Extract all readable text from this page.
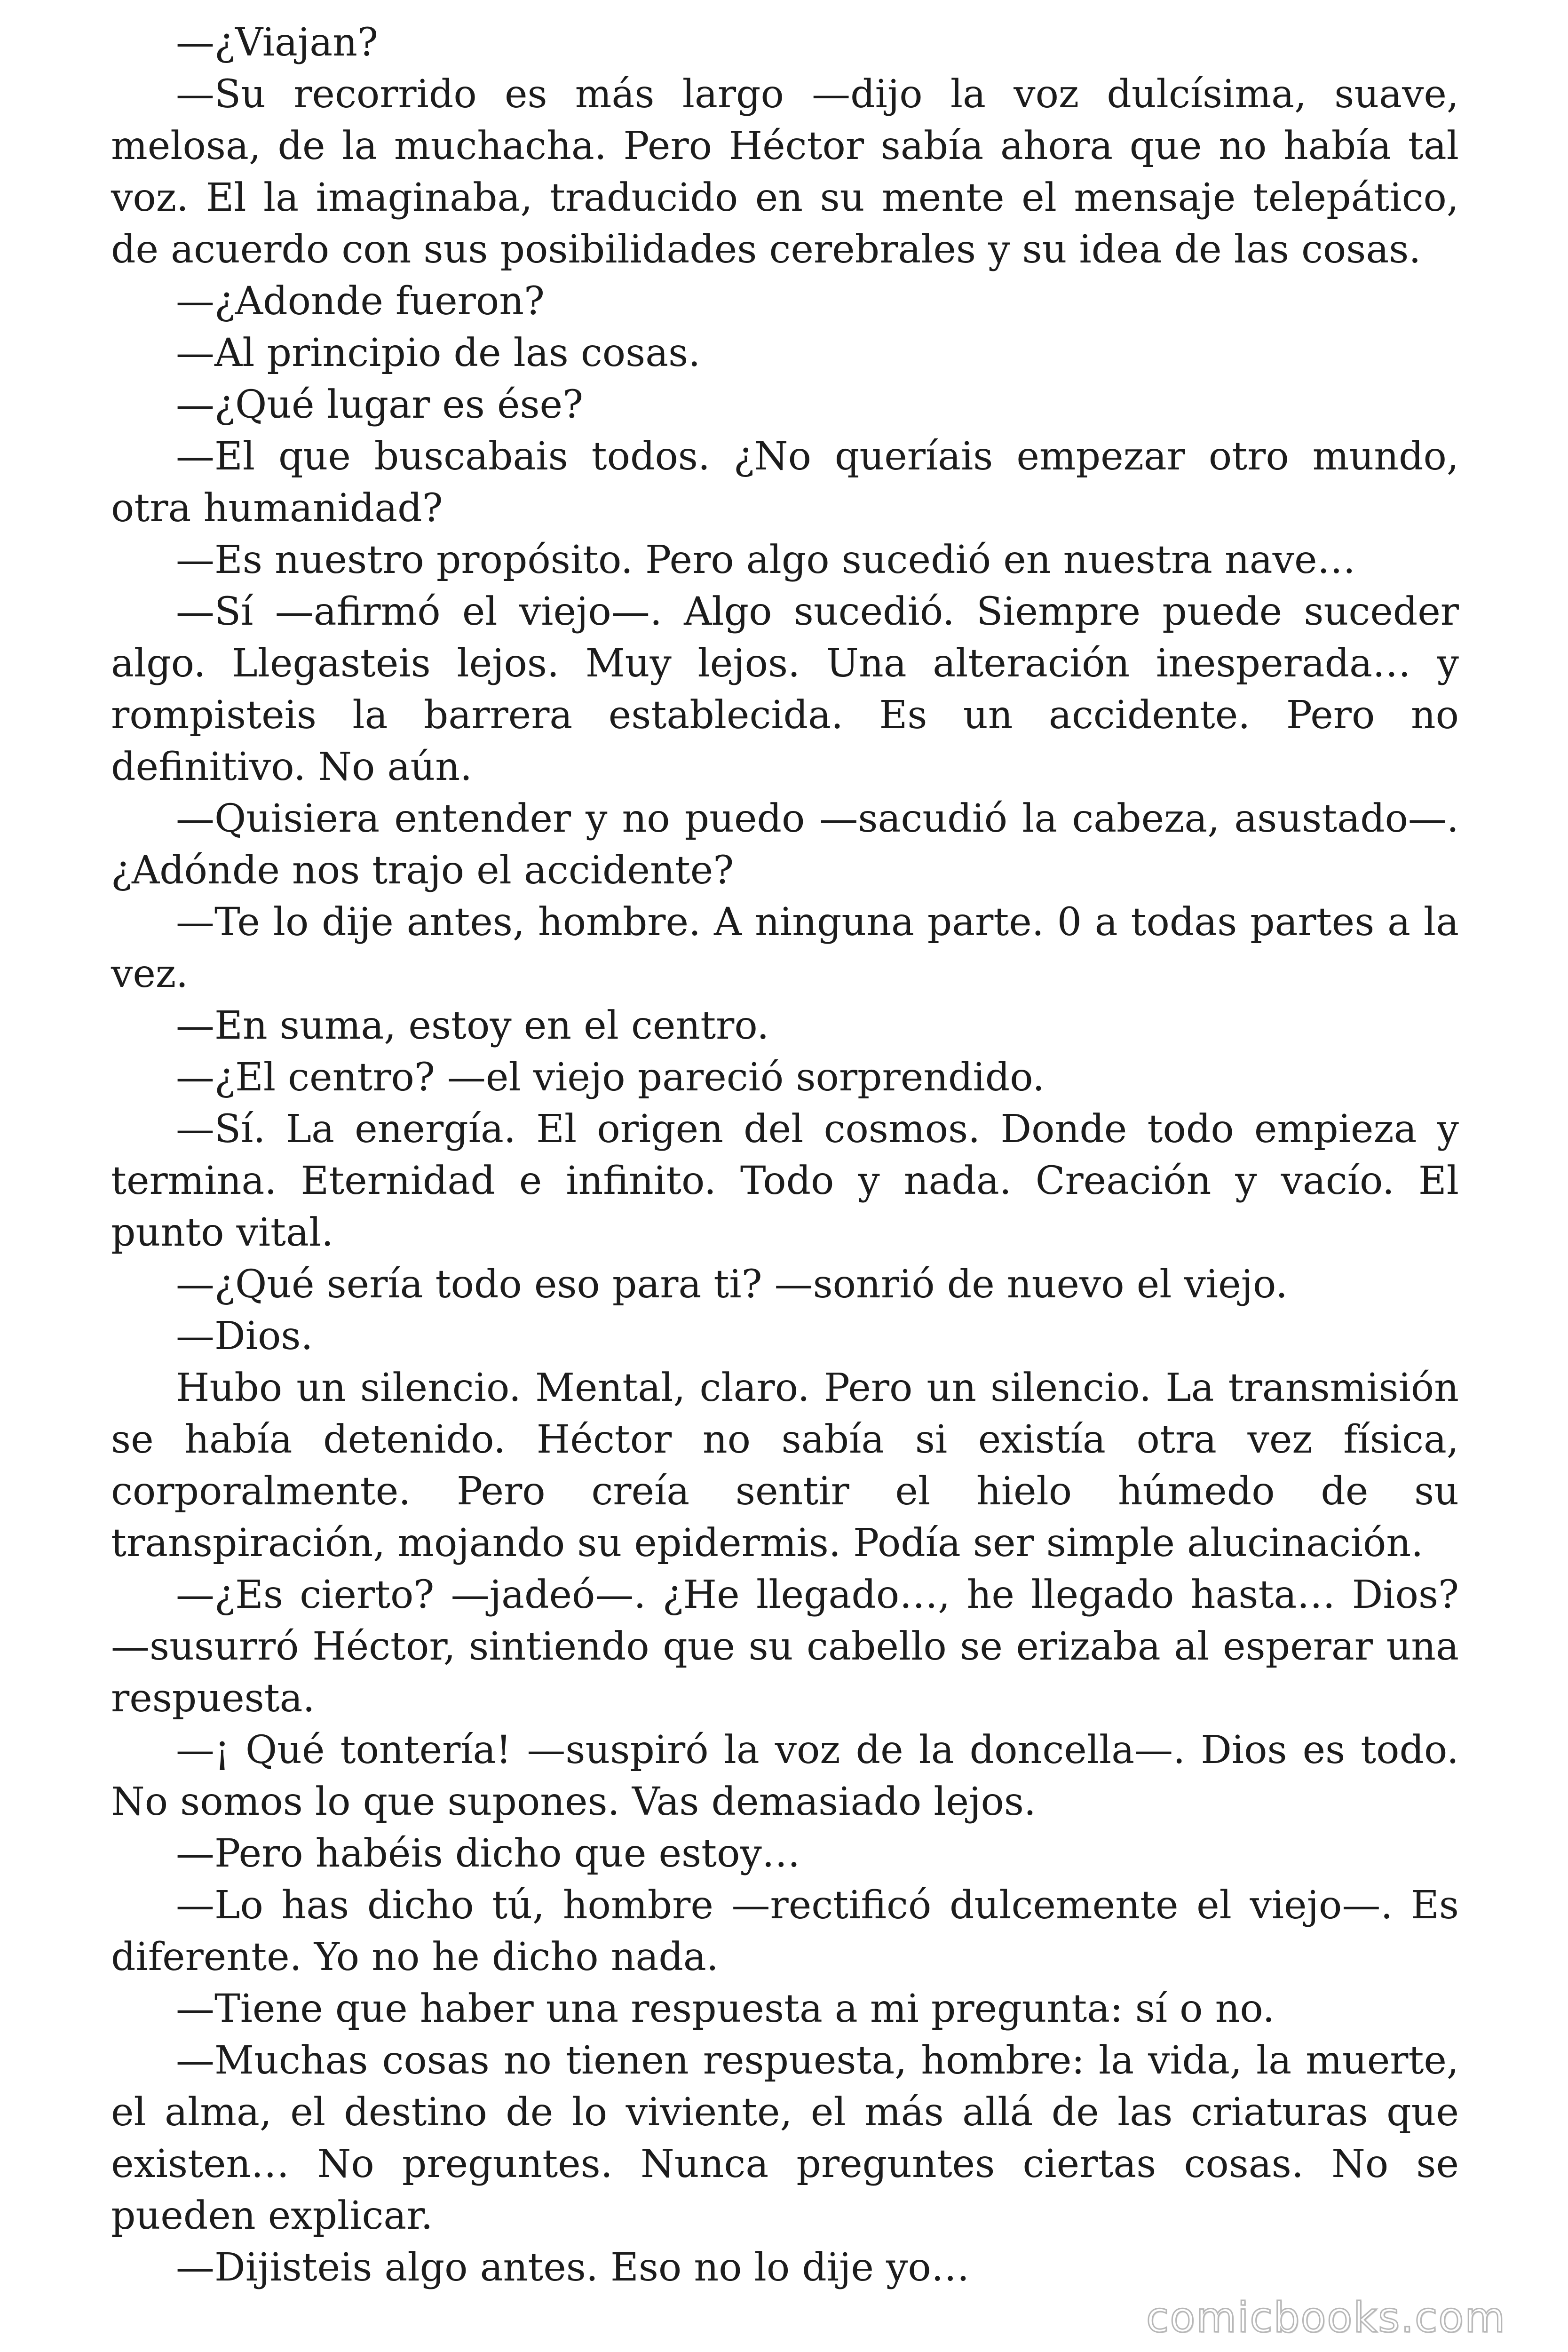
—¿Viajan?

—Su recorrido es más largo —dijo la voz dulcísima, suave, melosa, de la muchacha. Pero Héctor sabía ahora que no había tal voz. El la imaginaba, traducido en su mente el mensaje telepático, de acuerdo con sus posibilidades cerebrales y su idea de las cosas.

—¿Adonde fueron?

—Al principio de las cosas.

—¿Qué lugar es ése?

—El que buscabais todos. ¿No queríais empezar otro mundo, otra humanidad?

—Es nuestro propósito. Pero algo sucedió en nuestra nave…

—Sí —afirmó el viejo—. Algo sucedió. Siempre puede suceder algo. Llegasteis lejos. Muy lejos. Una alteración inesperada… y rompisteis la barrera establecida. Es un accidente. Pero no definitivo. No aún.

—Quisiera entender y no puedo —sacudió la cabeza, asustado—. ¿Adónde nos trajo el accidente?

—Te lo dije antes, hombre. A ninguna parte. 0 a todas partes a la vez.

—En suma, estoy en el centro.

—¿El centro? —el viejo pareció sorprendido.

—Sí. La energía. El origen del cosmos. Donde todo empieza y termina. Eternidad e infinito. Todo y nada. Creación y vacío. El punto vital.

—¿Qué sería todo eso para ti? —sonrió de nuevo el viejo.

—Dios.

Hubo un silencio. Mental, claro. Pero un silencio. La transmisión se había detenido. Héctor no sabía si existía otra vez física, corporalmente. Pero creía sentir el hielo húmedo de su transpiración, mojando su epidermis. Podía ser simple alucinación.

—¿Es cierto? —jadeó—. ¿He llegado…, he llegado hasta… Dios? —susurró Héctor, sintiendo que su cabello se erizaba al esperar una respuesta.

—¡ Qué tontería! —suspiró la voz de la doncella—. Dios es todo. No somos lo que supones. Vas demasiado lejos.

—Pero habéis dicho que estoy…

—Lo has dicho tú, hombre —rectificó dulcemente el viejo—. Es diferente. Yo no he dicho nada.

—Tiene que haber una respuesta a mi pregunta: sí o no.

—Muchas cosas no tienen respuesta, hombre: la vida, la muerte, el alma, el destino de lo viviente, el más allá de las criaturas que existen… No preguntes. Nunca preguntes ciertas cosas. No se pueden explicar.

—Dijisteis algo antes. Eso no lo dije yo…

comicbooks.com
